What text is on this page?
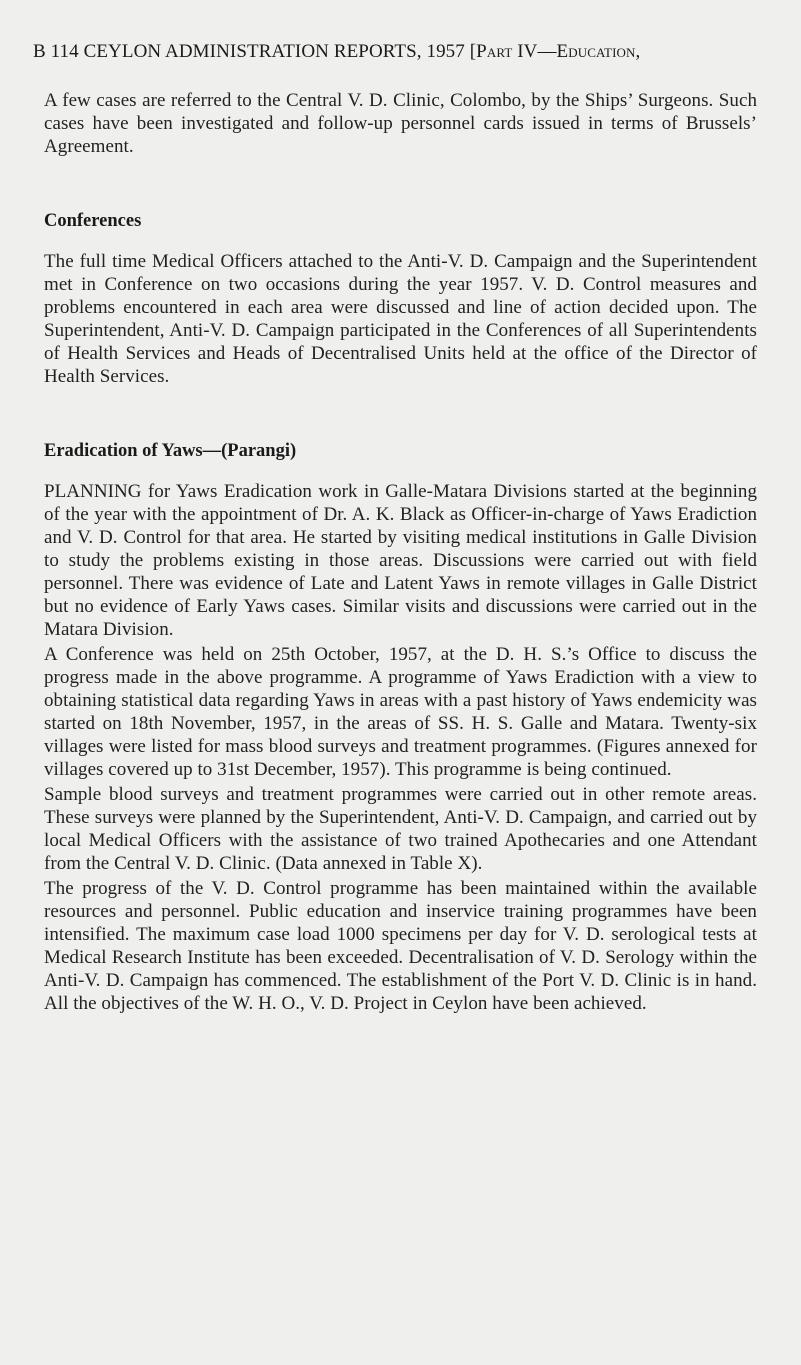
B 114 CEYLON ADMINISTRATION REPORTS, 1957 [Part IV—Education,

A few cases are referred to the Central V. D. Clinic, Colombo, by the Ships’ Surgeons. Such cases have been investigated and follow-up personnel cards issued in terms of Brussels’ Agreement.

Conferences

The full time Medical Officers attached to the Anti-V. D. Campaign and the Superintendent met in Conference on two occasions during the year 1957. V. D. Control measures and problems encountered in each area were discussed and line of action decided upon. The Superintendent, Anti-V. D. Campaign participated in the Conferences of all Superintendents of Health Services and Heads of Decentralised Units held at the office of the Director of Health Services.

Eradication of Yaws—(Parangi)

PLANNING for Yaws Eradication work in Galle-Matara Divisions started at the beginning of the year with the appointment of Dr. A. K. Black as Officer-in-charge of Yaws Eradiction and V. D. Control for that area. He started by visiting medical institutions in Galle Division to study the problems existing in those areas. Discussions were carried out with field personnel. There was evidence of Late and Latent Yaws in remote villages in Galle District but no evidence of Early Yaws cases. Similar visits and discussions were carried out in the Matara Division.

A Conference was held on 25th October, 1957, at the D. H. S.’s Office to discuss the progress made in the above programme. A programme of Yaws Eradiction with a view to obtaining statistical data regarding Yaws in areas with a past history of Yaws endemicity was started on 18th November, 1957, in the areas of SS. H. S. Galle and Matara. Twenty-six villages were listed for mass blood surveys and treatment programmes. (Figures annexed for villages covered up to 31st December, 1957). This programme is being continued.

Sample blood surveys and treatment programmes were carried out in other remote areas. These surveys were planned by the Superintendent, Anti-V. D. Campaign, and carried out by local Medical Officers with the assistance of two trained Apothecaries and one Attendant from the Central V. D. Clinic. (Data annexed in Table X).

The progress of the V. D. Control programme has been maintained within the available resources and personnel. Public education and inservice training programmes have been intensified. The maximum case load 1000 specimens per day for V. D. serological tests at Medical Research Institute has been exceeded. Decentralisation of V. D. Serology within the Anti-V. D. Campaign has commenced. The establishment of the Port V. D. Clinic is in hand. All the objectives of the W. H. O., V. D. Project in Ceylon have been achieved.
